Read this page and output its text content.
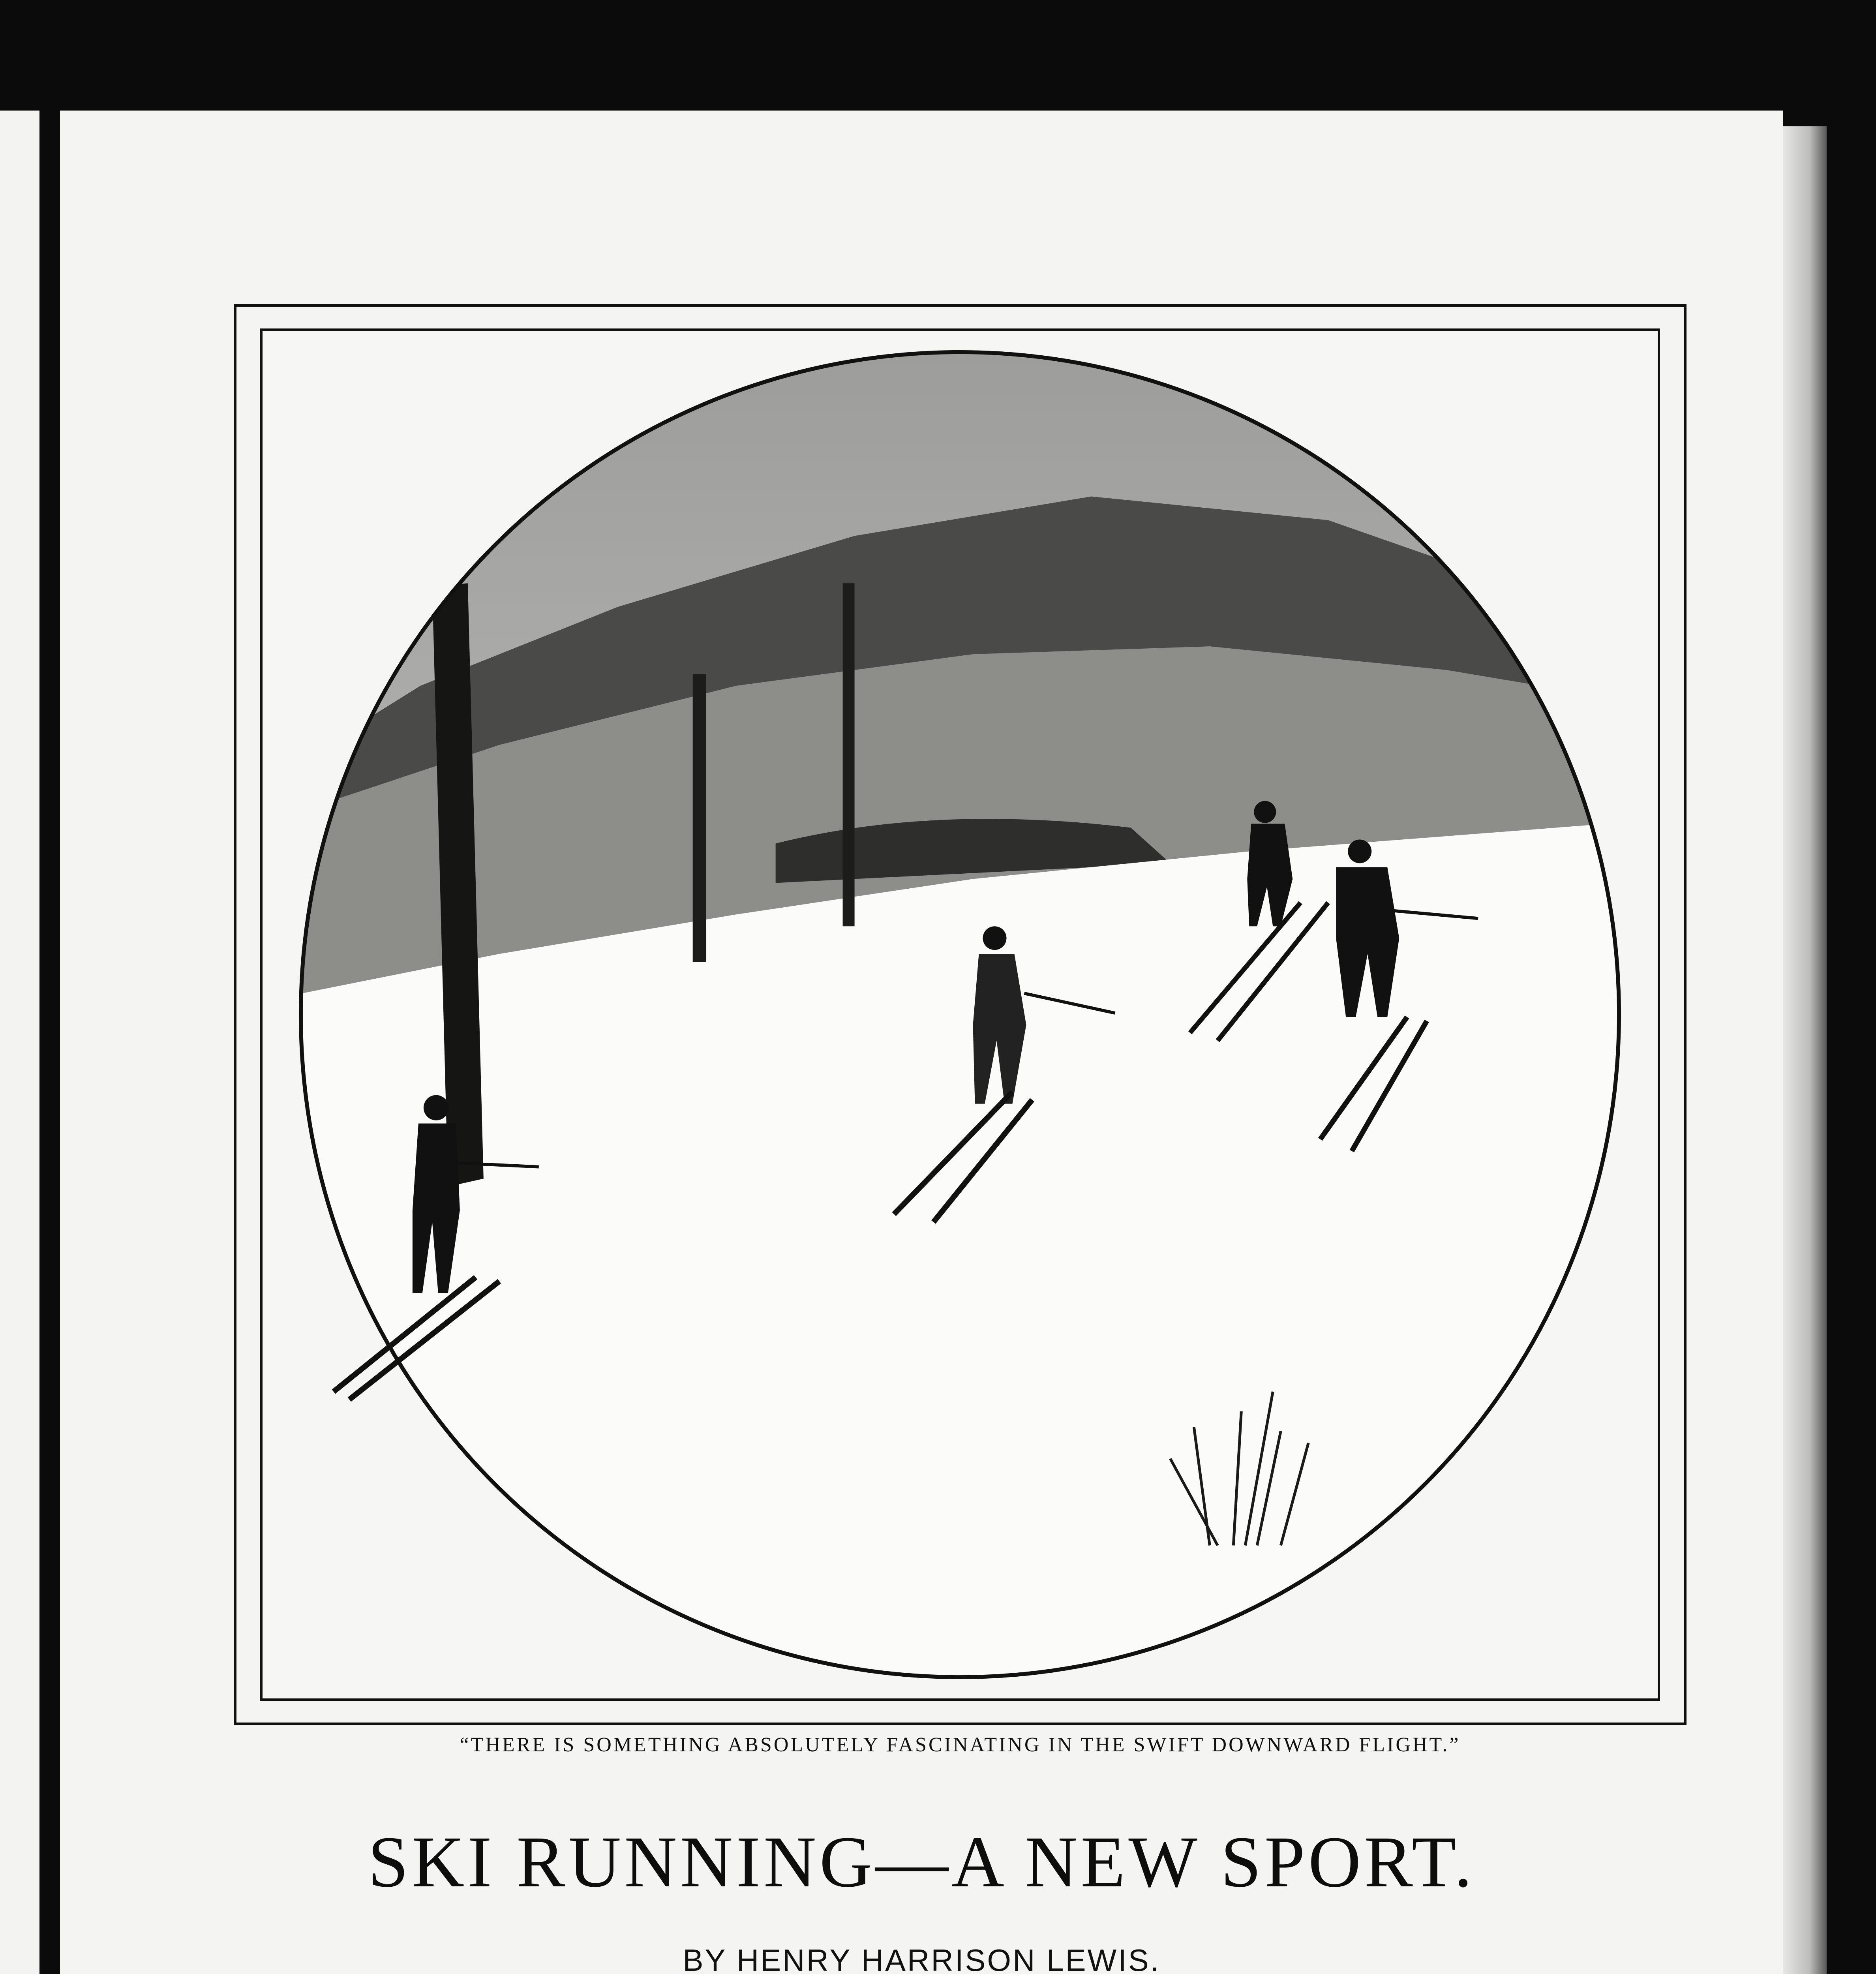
“THERE IS SOMETHING ABSOLUTELY FASCINATING IN THE SWIFT DOWNWARD FLIGHT.”
SKI RUNNING—A NEW SPORT.
BY HENRY HARRISON LEWIS.
